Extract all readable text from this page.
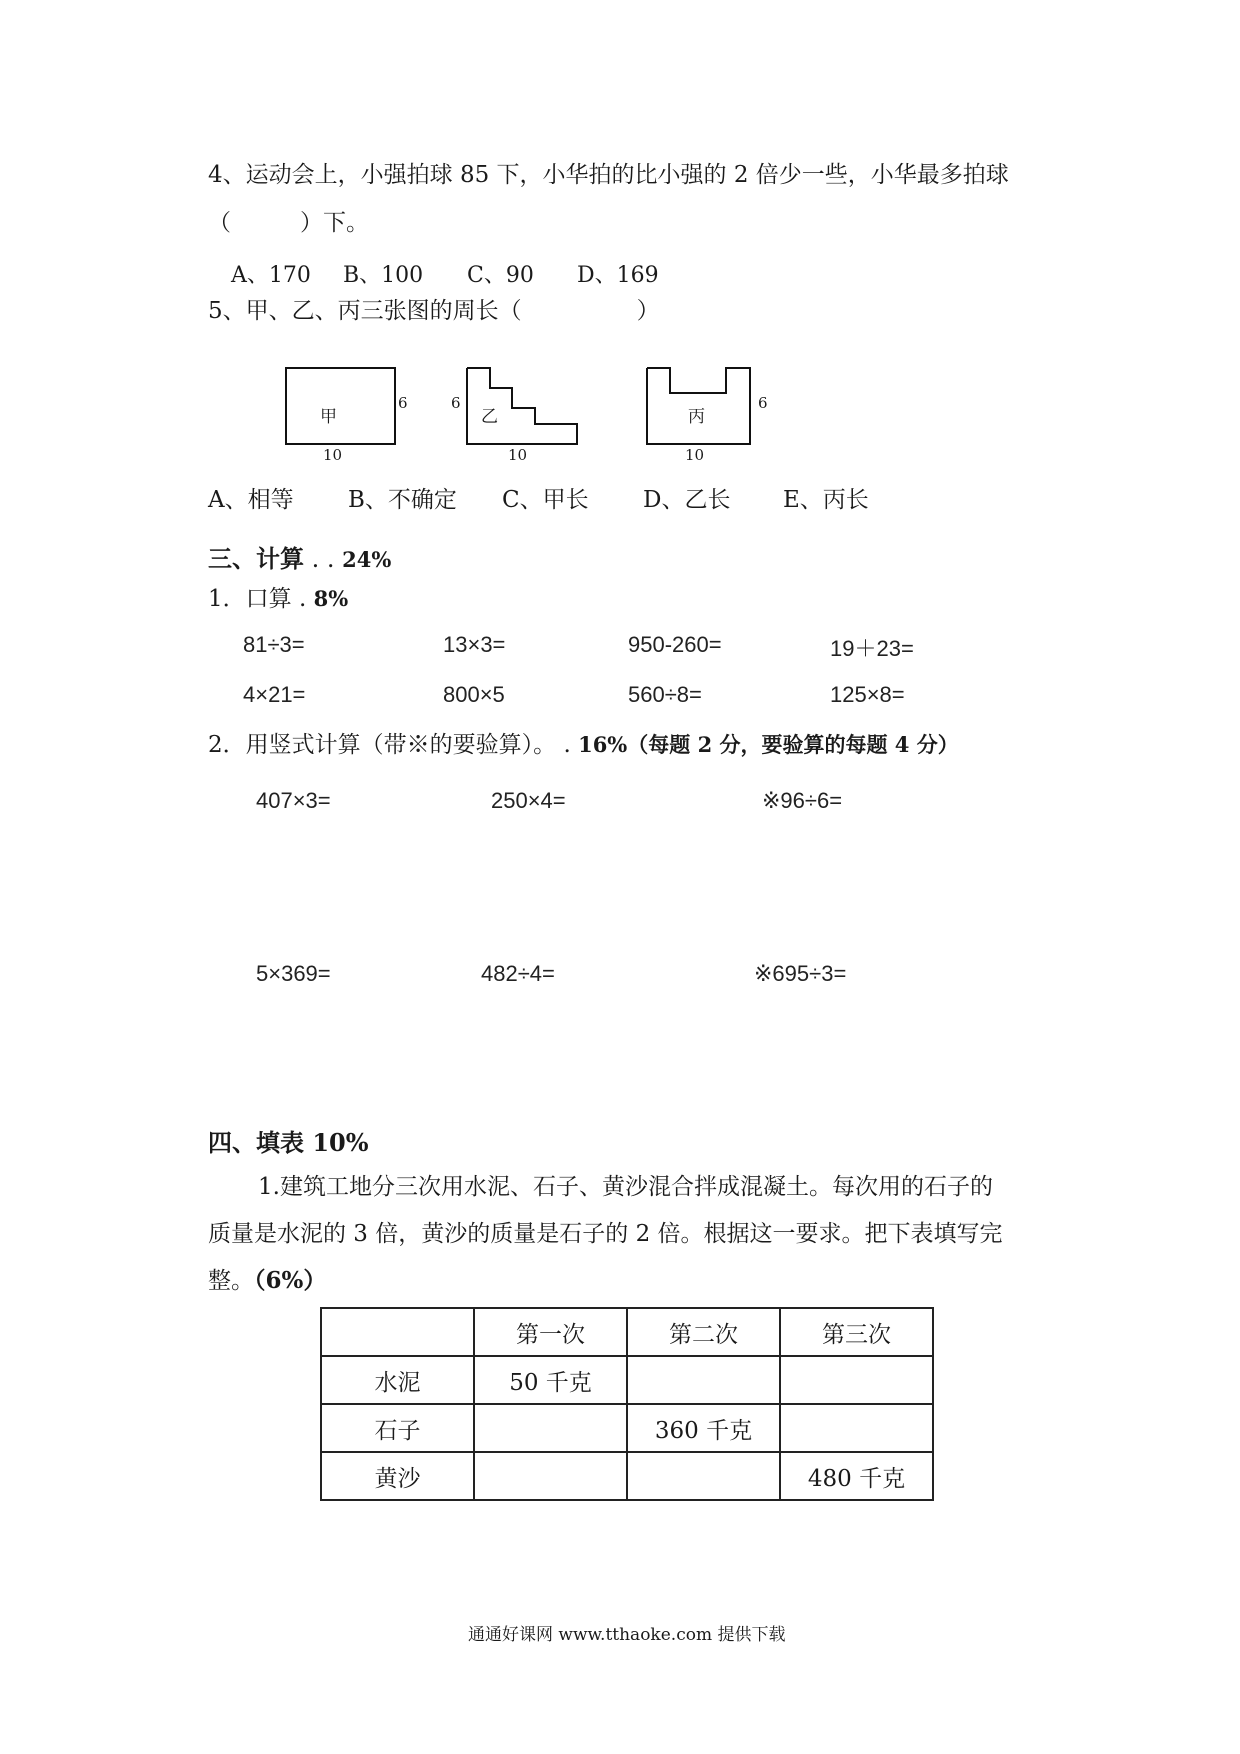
4、运动会上，小强拍球 85 下，小华拍的比小强的 2 倍少一些，小华最多拍球
（　　　）下。
A、170 B、100 C、90 D、169
5、甲、乙、丙三张图的周长（　　　　　）
甲
6
10
乙
6
10
丙
6
10
A、相等 B、不确定 C、甲长 D、乙长 E、丙长
三、计算 . . 24%
1．口算 . 8%
81÷3=	13×3=	950-260=	19＋23=
4×21=	800×5	560÷8=	125×8=
2．用竖式计算（带※的要验算）。 . 16%（每题 2 分，要验算的每题 4 分）
407×3=	250×4=	※96÷6=
5×369=	482÷4=	※695÷3=
四、填表 10%
1.建筑工地分三次用水泥、石子、黄沙混合拌成混凝土。每次用的石子的
质量是水泥的 3 倍，黄沙的质量是石子的 2 倍。根据这一要求。把下表填写完
整。（6%）
	第一次	第二次	第三次
水泥	50 千克		
石子		360 千克	
黄沙			480 千克
通通好课网 www.tthaoke.com 提供下载
